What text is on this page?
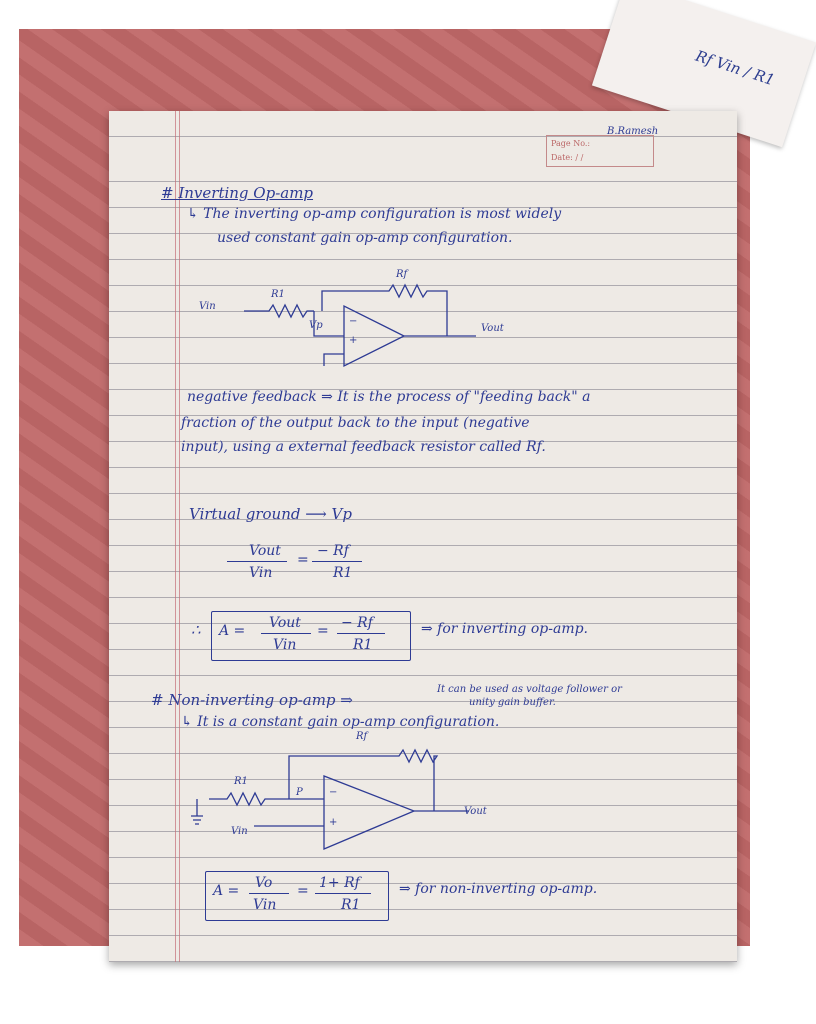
Rf Vin / R1
B.Ramesh
Page No.:
Date: / /
# Inverting Op-amp
↳ The inverting op-amp configuration is most widely
used constant gain op-amp configuration.
Rf
R1
Vin
Vp	−
+
Vout
negative feedback ⇒ It is the process of "feeding back" a
fraction of the output back to the input (negative
input), using a external feedback resistor called Rf.
Virtual ground ⟶ Vp
Vout
Vin
=
− Rf
R1
∴ A = Vout
Vin
= − Rf
R1
⇒ for inverting op-amp.
# Non-inverting op-amp ⇒
It can be used as voltage follower or
unity gain buffer.
↳ It is a constant gain op-amp configuration.
Rf
R1
P	−
+
Vin
Vout
A = Vo
Vin
= 1+ Rf
R1
⇒ for non-inverting op-amp.
